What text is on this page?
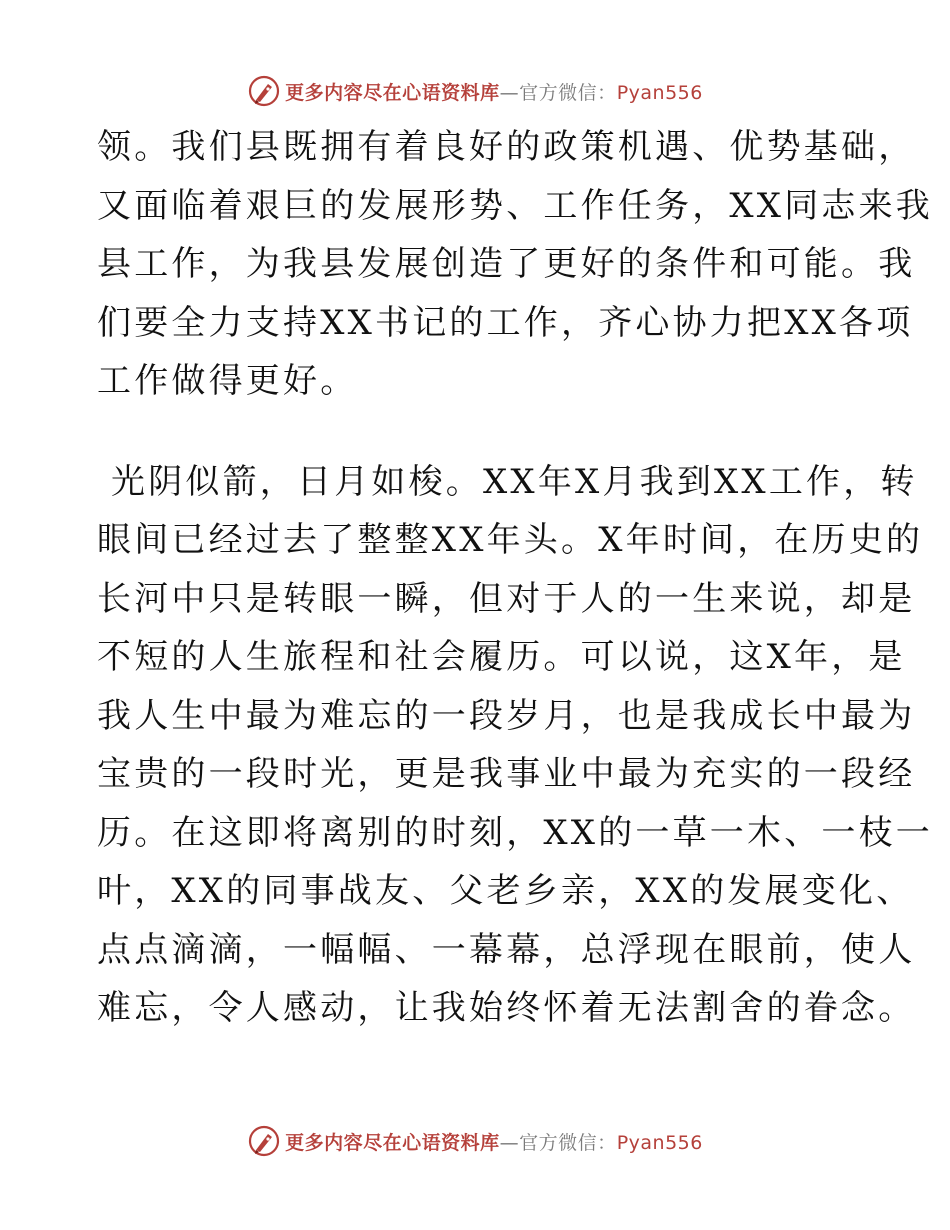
更多内容尽在心语资料库—官方微信：Pyan556
领。我们县既拥有着良好的政策机遇、优势基础，
又面临着艰巨的发展形势、工作任务，XX同志来我
县工作，为我县发展创造了更好的条件和可能。我
们要全力支持XX书记的工作，齐心协力把XX各项
工作做得更好。
光阴似箭，日月如梭。XX年X月我到XX工作，转
眼间已经过去了整整XX年头。X年时间，在历史的
长河中只是转眼一瞬，但对于人的一生来说，却是
不短的人生旅程和社会履历。可以说，这X年，是
我人生中最为难忘的一段岁月，也是我成长中最为
宝贵的一段时光，更是我事业中最为充实的一段经
历。在这即将离别的时刻，XX的一草一木、一枝一
叶，XX的同事战友、父老乡亲，XX的发展变化、
点点滴滴，一幅幅、一幕幕，总浮现在眼前，使人
难忘，令人感动，让我始终怀着无法割舍的眷念。
更多内容尽在心语资料库—官方微信：Pyan556
